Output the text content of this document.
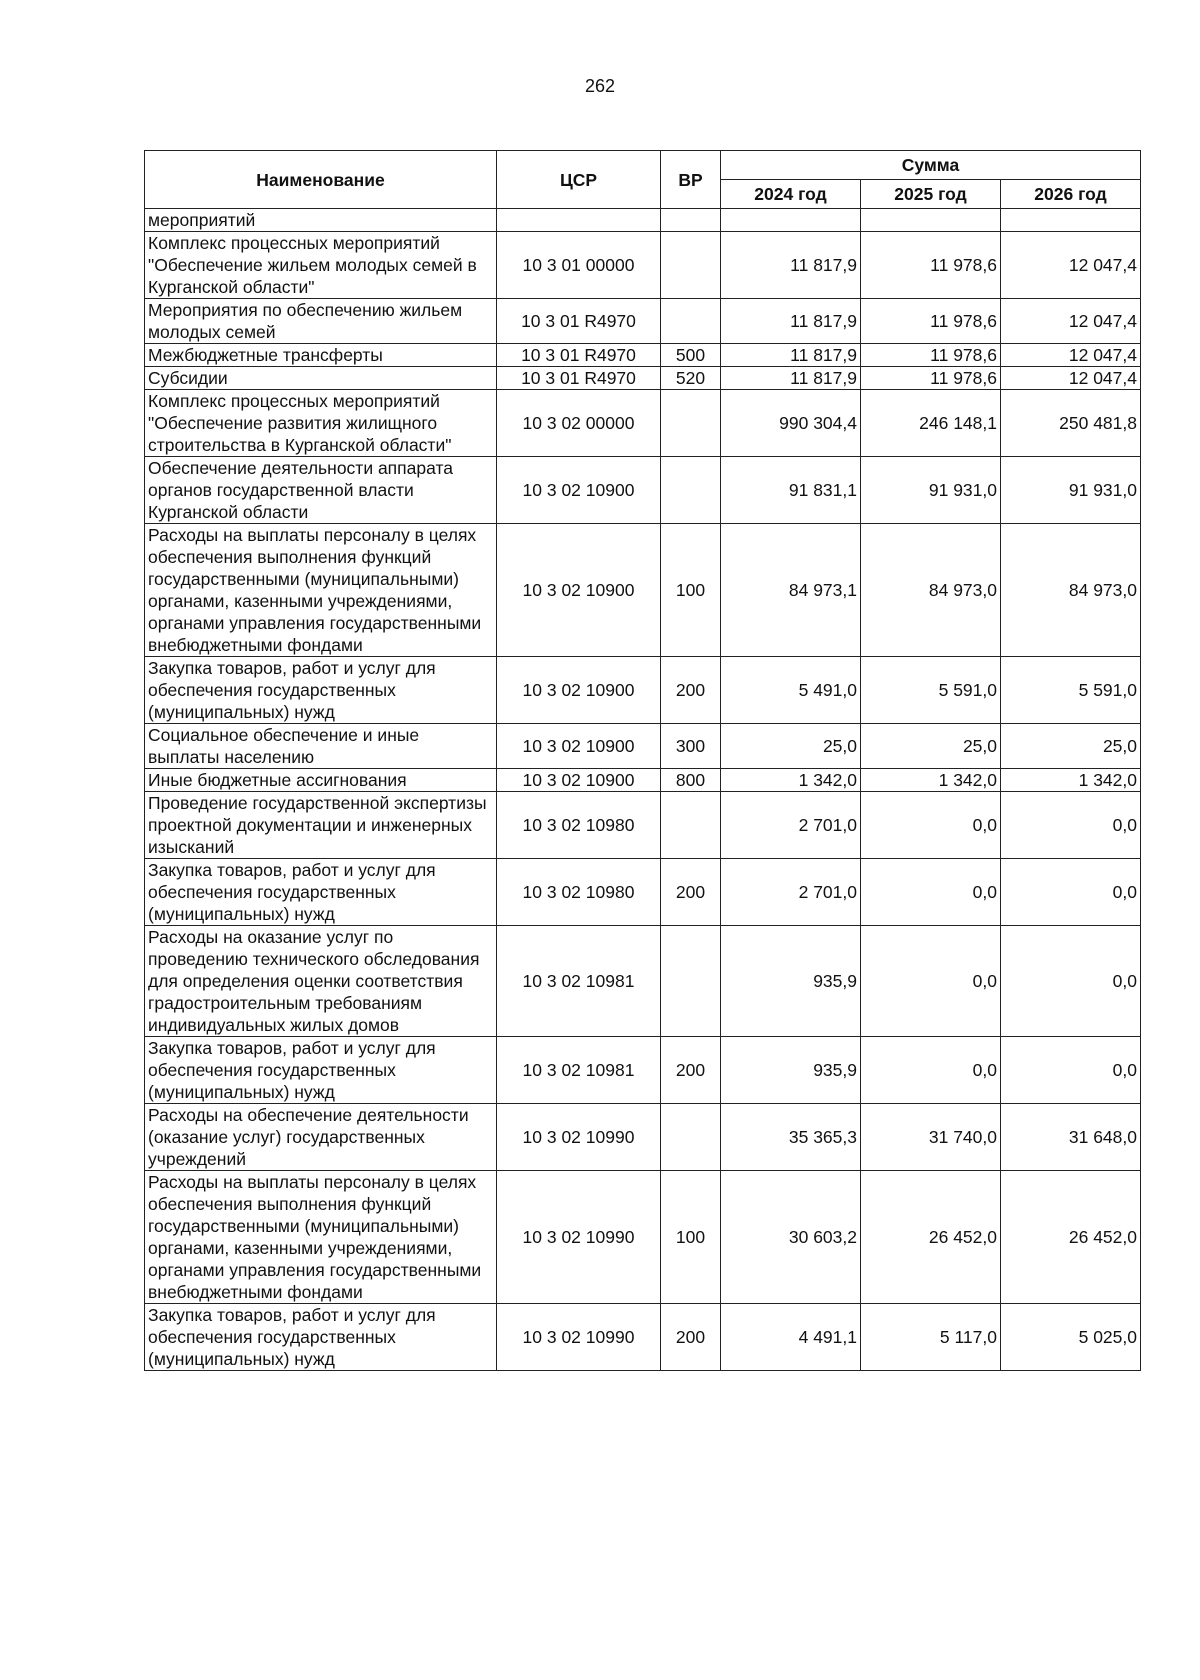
262
Наименование	ЦСР	ВР	Сумма		
			2024 год	2025 год	2026 год
мероприятий					
Комплекс процессных мероприятий "Обеспечение жильем молодых семей в Курганской области"	10 3 01 00000		11 817,9	11 978,6	12 047,4
Мероприятия по обеспечению жильем молодых семей	10 3 01 R4970		11 817,9	11 978,6	12 047,4
Межбюджетные трансферты	10 3 01 R4970	500	11 817,9	11 978,6	12 047,4
Субсидии	10 3 01 R4970	520	11 817,9	11 978,6	12 047,4
Комплекс процессных мероприятий "Обеспечение развития жилищного строительства в Курганской области"	10 3 02 00000		990 304,4	246 148,1	250 481,8
Обеспечение деятельности аппарата органов государственной власти Курганской области	10 3 02 10900		91 831,1	91 931,0	91 931,0
Расходы на выплаты персоналу в целях обеспечения выполнения функций государственными (муниципальными) органами, казенными учреждениями, органами управления государственными внебюджетными фондами	10 3 02 10900	100	84 973,1	84 973,0	84 973,0
Закупка товаров, работ и услуг для обеспечения государственных (муниципальных) нужд	10 3 02 10900	200	5 491,0	5 591,0	5 591,0
Социальное обеспечение и иные выплаты населению	10 3 02 10900	300	25,0	25,0	25,0
Иные бюджетные ассигнования	10 3 02 10900	800	1 342,0	1 342,0	1 342,0
Проведение государственной экспертизы проектной документации и инженерных изысканий	10 3 02 10980		2 701,0	0,0	0,0
Закупка товаров, работ и услуг для обеспечения государственных (муниципальных) нужд	10 3 02 10980	200	2 701,0	0,0	0,0
Расходы на оказание услуг по проведению технического обследования для определения оценки соответствия градостроительным требованиям индивидуальных жилых домов	10 3 02 10981		935,9	0,0	0,0
Закупка товаров, работ и услуг для обеспечения государственных (муниципальных) нужд	10 3 02 10981	200	935,9	0,0	0,0
Расходы на обеспечение деятельности (оказание услуг) государственных учреждений	10 3 02 10990		35 365,3	31 740,0	31 648,0
Расходы на выплаты персоналу в целях обеспечения выполнения функций государственными (муниципальными) органами, казенными учреждениями, органами управления государственными внебюджетными фондами	10 3 02 10990	100	30 603,2	26 452,0	26 452,0
Закупка товаров, работ и услуг для обеспечения государственных (муниципальных) нужд	10 3 02 10990	200	4 491,1	5 117,0	5 025,0
